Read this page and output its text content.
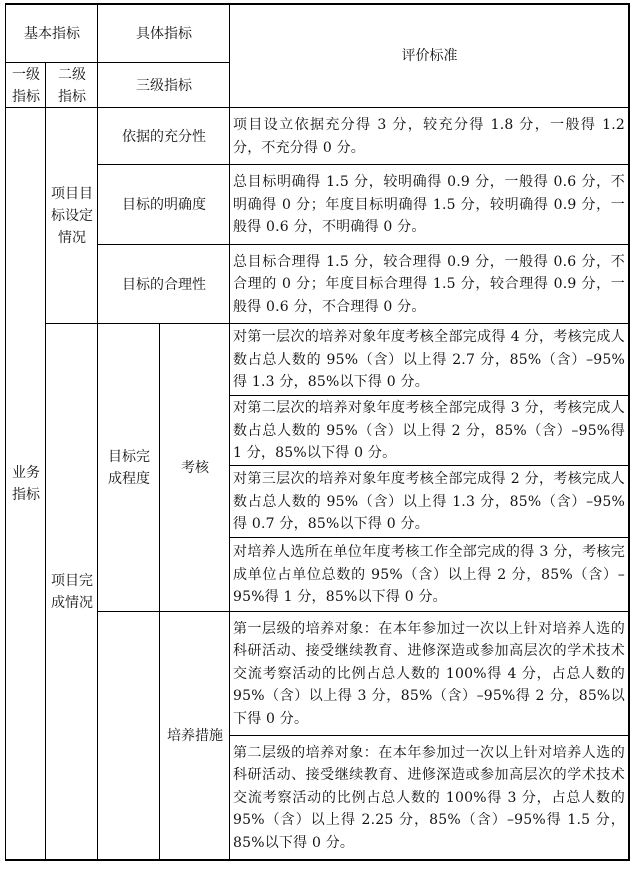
基本指标	具体指标
评价标准
一级指标
二级指标
三级指标
业务指标
项目目标设定情况
项目完成情况
依据的充分性
目标的明确度
目标的合理性
目标完成程度
考核
培养措施
项目设立依据充分得 3 分，较充分得 1.8 分，一般得 1.2 分，不充分得 0 分。
总目标明确得 1.5 分，较明确得 0.9 分，一般得 0.6 分，不明确得 0 分；年度目标明确得 1.5 分，较明确得 0.9 分，一般得 0.6 分，不明确得 0 分。
总目标合理得 1.5 分，较合理得 0.9 分，一般得 0.6 分，不合理的 0 分；年度目标合理得 1.5 分，较合理得 0.9 分，一般得 0.6 分，不合理得 0 分。
对第一层次的培养对象年度考核全部完成得 4 分，考核完成人数占总人数的 95%（含）以上得 2.7 分，85%（含）–95%得 1.3 分，85%以下得 0 分。
对第二层次的培养对象年度考核全部完成得 3 分，考核完成人数占总人数的 95%（含）以上得 2 分，85%（含）–95%得 1 分，85%以下得 0 分。
对第三层次的培养对象年度考核全部完成得 2 分，考核完成人数占总人数的 95%（含）以上得 1.3 分，85%（含）–95%得 0.7 分，85%以下得 0 分。
对培养人选所在单位年度考核工作全部完成的得 3 分，考核完成单位占单位总数的 95%（含）以上得 2 分，85%（含）–95%得 1 分，85%以下得 0 分。
第一层级的培养对象：在本年参加过一次以上针对培养人选的科研活动、接受继续教育、进修深造或参加高层次的学术技术交流考察活动的比例占总人数的 100%得 4 分，占总人数的 95%（含）以上得 3 分，85%（含）–95%得 2 分，85%以下得 0 分。
第二层级的培养对象：在本年参加过一次以上针对培养人选的科研活动、接受继续教育、进修深造或参加高层次的学术技术交流考察活动的比例占总人数的 100%得 3 分，占总人数的 95%（含）以上得 2.25 分，85%（含）–95%得 1.5 分，85%以下得 0 分。
